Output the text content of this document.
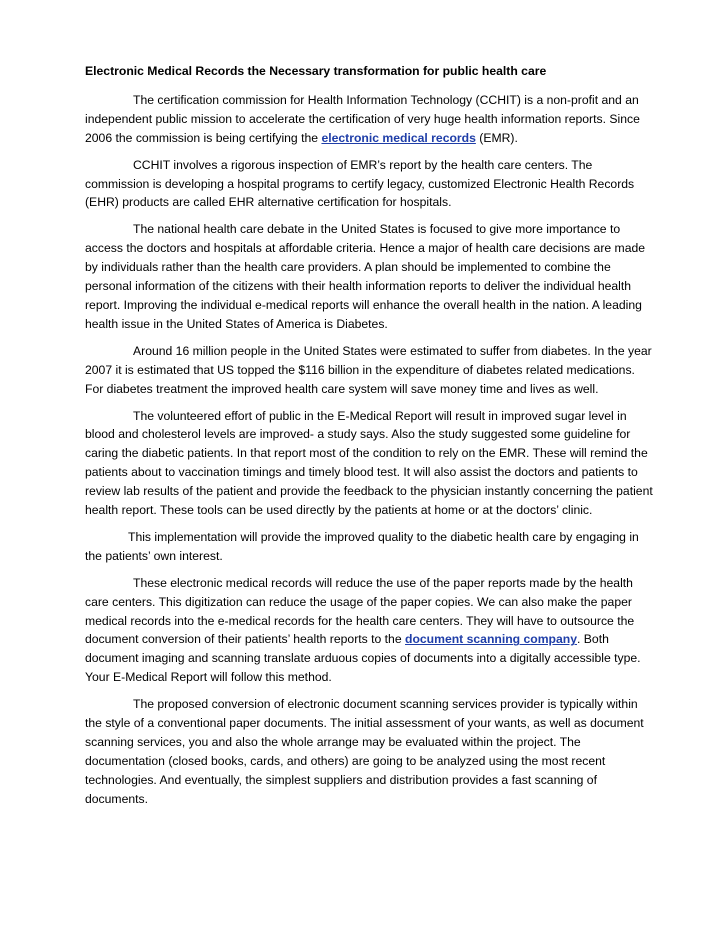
Electronic Medical Records the Necessary transformation for public health care

The certification commission for Health Information Technology (CCHIT) is a non-profit and an independent public mission to accelerate the certification of very huge health information reports. Since 2006 the commission is being certifying the electronic medical records (EMR).

CCHIT involves a rigorous inspection of EMR’s report by the health care centers. The commission is developing a hospital programs to certify legacy, customized Electronic Health Records (EHR) products are called EHR alternative certification for hospitals.

The national health care debate in the United States is focused to give more importance to access the doctors and hospitals at affordable criteria. Hence a major of health care decisions are made by individuals rather than the health care providers. A plan should be implemented to combine the personal information of the citizens with their health information reports to deliver the individual health report. Improving the individual e-medical reports will enhance the overall health in the nation. A leading health issue in the United States of America is Diabetes.

Around 16 million people in the United States were estimated to suffer from diabetes. In the year 2007 it is estimated that US topped the $116 billion in the expenditure of diabetes related medications. For diabetes treatment the improved health care system will save money time and lives as well.

The volunteered effort of public in the E-Medical Report will result in improved sugar level in blood and cholesterol levels are improved- a study says. Also the study suggested some guideline for caring the diabetic patients. In that report most of the condition to rely on the EMR. These will remind the patients about to vaccination timings and timely blood test. It will also assist the doctors and patients to review lab results of the patient and provide the feedback to the physician instantly concerning the patient health report. These tools can be used directly by the patients at home or at the doctors’ clinic.

This implementation will provide the improved quality to the diabetic health care by engaging in the patients’ own interest.

These electronic medical records will reduce the use of the paper reports made by the health care centers. This digitization can reduce the usage of the paper copies. We can also make the paper medical records into the e-medical records for the health care centers. They will have to outsource the document conversion of their patients’ health reports to the document scanning company. Both document imaging and scanning translate arduous copies of documents into a digitally accessible type. Your E-Medical Report will follow this method.

The proposed conversion of electronic document scanning services provider is typically within the style of a conventional paper documents. The initial assessment of your wants, as well as document scanning services, you and also the whole arrange may be evaluated within the project. The documentation (closed books, cards, and others) are going to be analyzed using the most recent technologies. And eventually, the simplest suppliers and distribution provides a fast scanning of documents.
